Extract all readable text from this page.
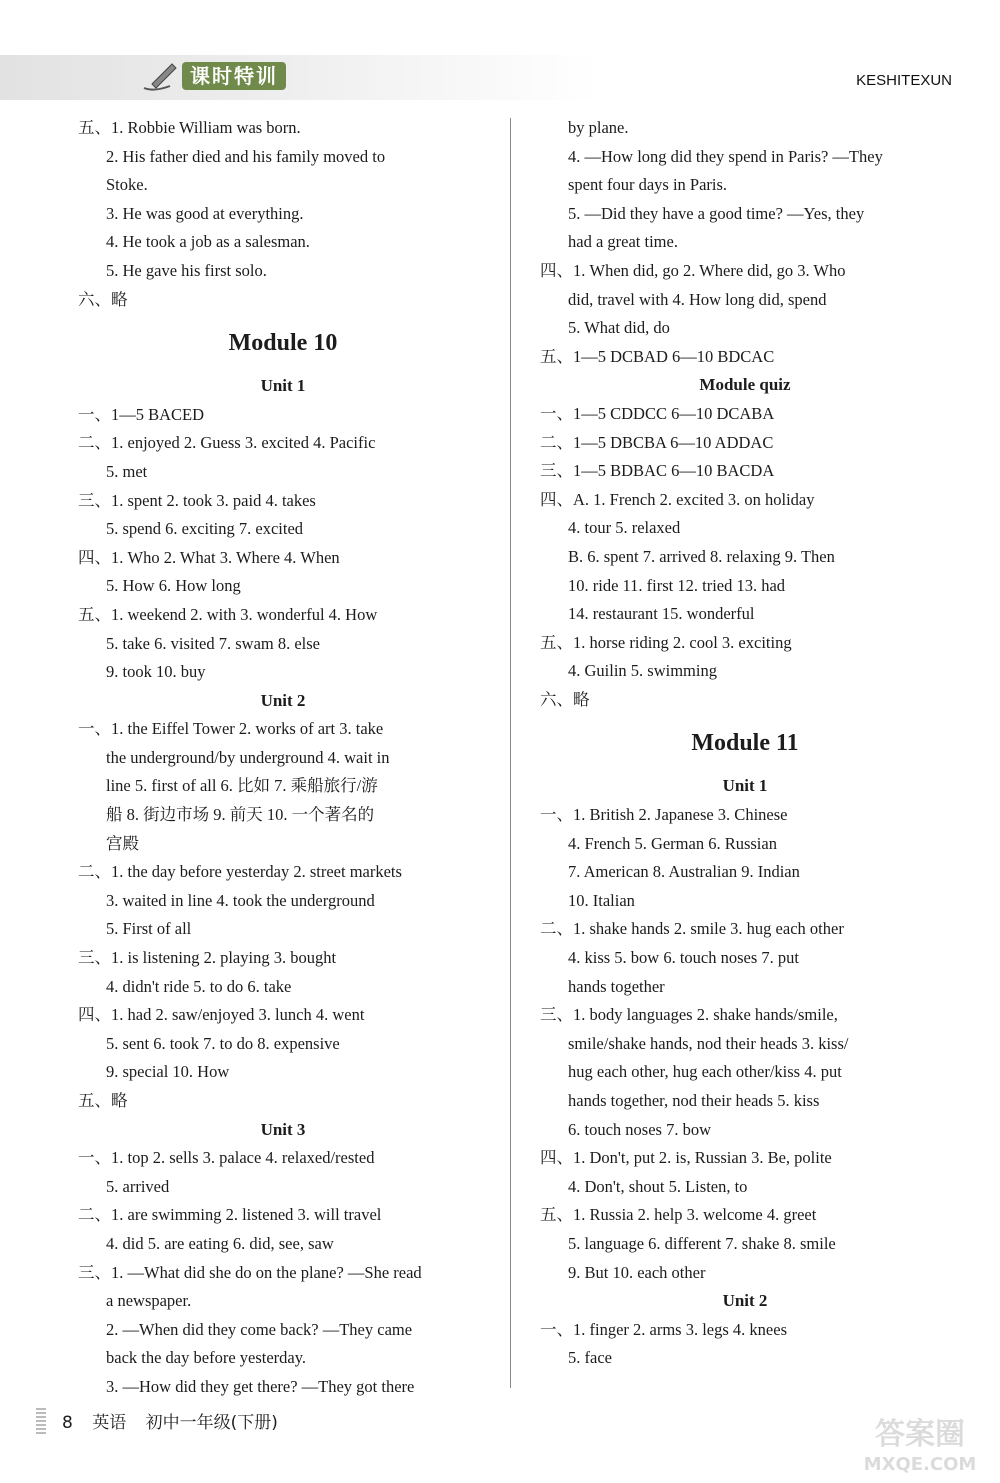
课时特训	KESHITEXUN
五、1. Robbie William was born.
2. His father died and his family moved to
Stoke.
3. He was good at everything.
4. He took a job as a salesman.
5. He gave his first solo.
六、略
Module 10
Unit 1
一、1—5 BACED
二、1. enjoyed 2. Guess 3. excited 4. Pacific
5. met
三、1. spent 2. took 3. paid 4. takes
5. spend 6. exciting 7. excited
四、1. Who 2. What 3. Where 4. When
5. How 6. How long
五、1. weekend 2. with 3. wonderful 4. How
5. take 6. visited 7. swam 8. else
9. took 10. buy
Unit 2
一、1. the Eiffel Tower 2. works of art 3. take
the underground/by underground 4. wait in
line 5. first of all 6. 比如 7. 乘船旅行/游
船 8. 街边市场 9. 前天 10. 一个著名的
宫殿
二、1. the day before yesterday 2. street markets
3. waited in line 4. took the underground
5. First of all
三、1. is listening 2. playing 3. bought
4. didn't ride 5. to do 6. take
四、1. had 2. saw/enjoyed 3. lunch 4. went
5. sent 6. took 7. to do 8. expensive
9. special 10. How
五、略
Unit 3
一、1. top 2. sells 3. palace 4. relaxed/rested
5. arrived
二、1. are swimming 2. listened 3. will travel
4. did 5. are eating 6. did, see, saw
三、1. —What did she do on the plane? —She read
a newspaper.
2. —When did they come back? —They came
back the day before yesterday.
3. —How did they get there? —They got there
by plane.
4. —How long did they spend in Paris? —They
spent four days in Paris.
5. —Did they have a good time? —Yes, they
had a great time.
四、1. When did, go 2. Where did, go 3. Who
did, travel with 4. How long did, spend
5. What did, do
五、1—5 DCBAD 6—10 BDCAC
Module quiz
一、1—5 CDDCC 6—10 DCABA
二、1—5 DBCBA 6—10 ADDAC
三、1—5 BDBAC 6—10 BACDA
四、A. 1. French 2. excited 3. on holiday
4. tour 5. relaxed
B. 6. spent 7. arrived 8. relaxing 9. Then
10. ride 11. first 12. tried 13. had
14. restaurant 15. wonderful
五、1. horse riding 2. cool 3. exciting
4. Guilin 5. swimming
六、略
Module 11
Unit 1
一、1. British 2. Japanese 3. Chinese
4. French 5. German 6. Russian
7. American 8. Australian 9. Indian
10. Italian
二、1. shake hands 2. smile 3. hug each other
4. kiss 5. bow 6. touch noses 7. put
hands together
三、1. body languages 2. shake hands/smile,
smile/shake hands, nod their heads 3. kiss/
hug each other, hug each other/kiss 4. put
hands together, nod their heads 5. kiss
6. touch noses 7. bow
四、1. Don't, put 2. is, Russian 3. Be, polite
4. Don't, shout 5. Listen, to
五、1. Russia 2. help 3. welcome 4. greet
5. language 6. different 7. shake 8. smile
9. But 10. each other
Unit 2
一、1. finger 2. arms 3. legs 4. knees
5. face
8 英语 初中一年级(下册)	答案圈
MXQE.COM
